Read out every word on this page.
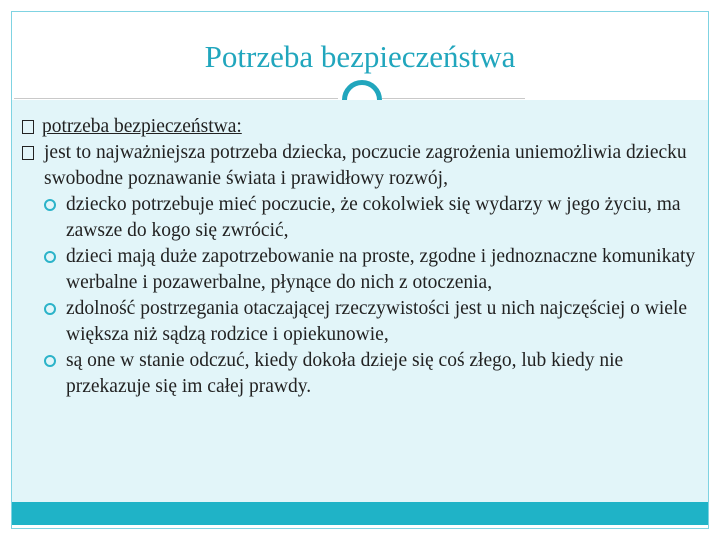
Potrzeba bezpieczeństwa
potrzeba bezpieczeństwa:
jest to najważniejsza potrzeba dziecka, poczucie zagrożenia uniemożliwia dziecku swobodne poznawanie świata i prawidłowy rozwój,
dziecko potrzebuje mieć poczucie, że cokolwiek się wydarzy w jego życiu, ma zawsze do kogo się zwrócić,
dzieci mają duże zapotrzebowanie na proste, zgodne i jednoznaczne komunikaty werbalne i pozawerbalne, płynące do nich z otoczenia,
zdolność postrzegania otaczającej rzeczywistości jest u nich najczęściej o wiele większa niż sądzą rodzice i opiekunowie,
są one w stanie odczuć, kiedy dokoła dzieje się coś złego, lub kiedy nie przekazuje się im całej prawdy.
